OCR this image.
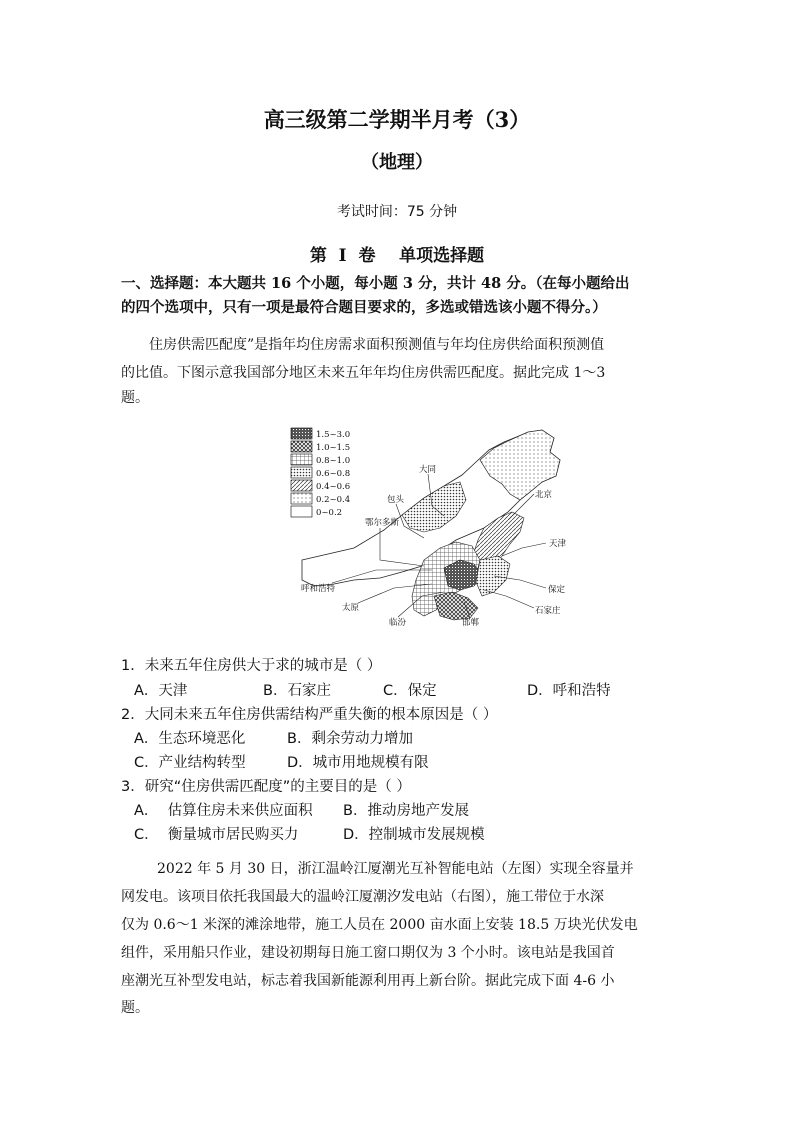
高三级第二学期半月考（3）
（地理）
考试时间：75 分钟
第  Ⅰ  卷    单项选择题
一、选择题：本大题共 16 个小题，每小题 3 分，共计 48 分。（在每小题给出
的四个选项中，只有一项是最符合题目要求的，多选或错选该小题不得分。）
住房供需匹配度”是指年均住房需求面积预测值与年均住房供给面积预测值
的比值。下图示意我国部分地区未来五年年均住房供需匹配度。据此完成 1～3
题。
1.5~3.0
1.0~1.5
0.8~1.0
0.6~0.8
0.4~0.6
0.2~0.4
0~0.2
大同
包头	北京
鄂尔多斯
天津
呼和浩特	保定
太原	石家庄
临汾	邯郸
1．未来五年住房供大于求的城市是（ ）
A．天津	B．石家庄	C．保定	D．呼和浩特
2．大同未来五年住房供需结构严重失衡的根本原因是（ ）
A．生态环境恶化	B．剩余劳动力增加
C．产业结构转型	D．城市用地规模有限
3．研究“住房供需匹配度”的主要目的是（ ）
A．  估算住房未来供应面积 B．推动房地产发展
C．  衡量城市居民购买力	D．控制城市发展规模
2022 年 5 月 30 日，浙江温岭江厦潮光互补智能电站（左图）实现全容量并
网发电。该项目依托我国最大的温岭江厦潮汐发电站（右图），施工带位于水深
仅为 0.6～1 米深的滩涂地带，施工人员在 2000 亩水面上安装 18.5 万块光伏发电
组件，采用船只作业，建设初期每日施工窗口期仅为 3 个小时。该电站是我国首
座潮光互补型发电站，标志着我国新能源利用再上新台阶。据此完成下面 4-6 小
题。
